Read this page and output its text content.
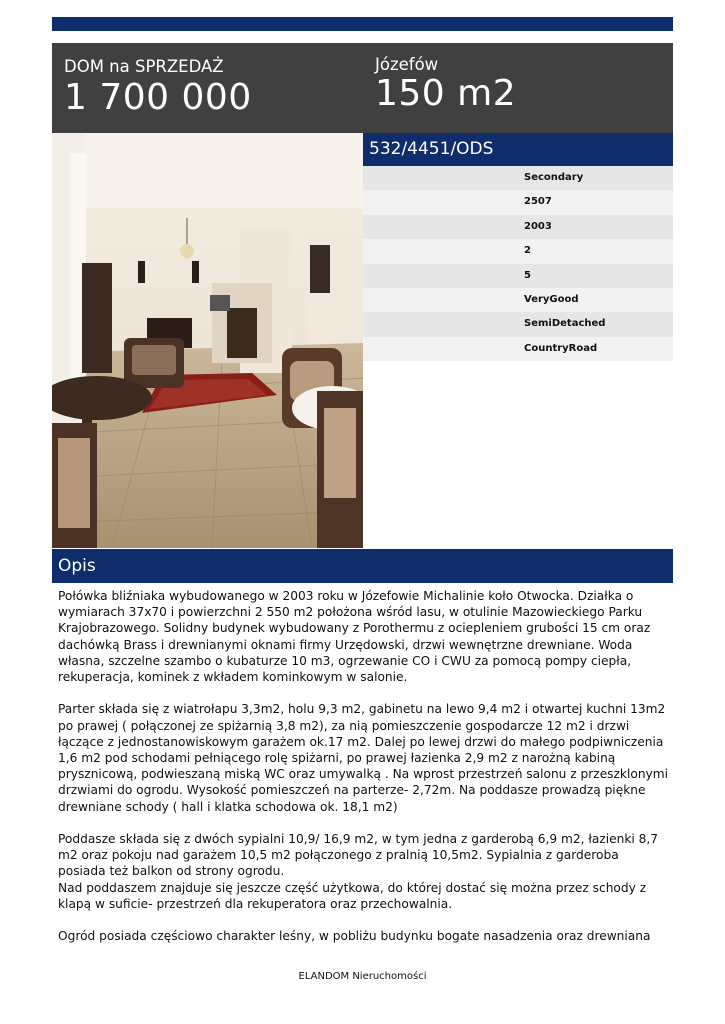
DOM na SPRZEDAŻ
1 700 000
Józefów
150 m2
532/4451/ODS
Secondary
2507
2003
2
5
VeryGood
SemiDetached
CountryRoad
Opis

Połówka bliźniaka wybudowanego w 2003 roku w Józefowie Michalinie koło Otwocka. Działka o wymiarach 37x70 i powierzchni 2 550 m2 położona wśród lasu, w otulinie Mazowieckiego Parku Krajobrazowego. Solidny budynek wybudowany z Porothermu z ociepleniem grubości 15 cm oraz dachówką Brass i drewnianymi oknami firmy Urzędowski, drzwi wewnętrzne drewniane. Woda własna, szczelne szambo o kubaturze 10 m3, ogrzewanie CO i CWU za pomocą pompy ciepła, rekuperacja, kominek z wkładem kominkowym w salonie.

Parter składa się z wiatrołapu 3,3m2, holu 9,3 m2, gabinetu na lewo 9,4 m2 i otwartej kuchni 13m2 po prawej ( połączonej ze spiżarnią 3,8 m2), za nią pomieszczenie gospodarcze 12 m2 i drzwi łączące z jednostanowiskowym garażem ok.17 m2. Dalej po lewej drzwi do małego podpiwniczenia 1,6 m2 pod schodami pełniącego rolę spiżarni, po prawej łazienka 2,9 m2 z narożną kabiną prysznicową, podwieszaną miską WC oraz umywalką . Na wprost przestrzeń salonu z przeszklonymi drzwiami do ogrodu. Wysokość pomieszczeń na parterze- 2,72m. Na poddasze prowadzą piękne drewniane schody ( hall i klatka schodowa ok. 18,1 m2)

Poddasze składa się z dwóch sypialni 10,9/ 16,9 m2, w tym jedna z garderobą 6,9 m2, łazienki 8,7 m2 oraz pokoju nad garażem 10,5 m2 połączonego z pralnią 10,5m2. Sypialnia z garderoba posiada też balkon od strony ogrodu.
Nad poddaszem znajduje się jeszcze część użytkowa, do której dostać się można przez schody z klapą w suficie- przestrzeń dla rekuperatora oraz przechowalnia.

Ogród posiada częściowo charakter leśny, w pobliżu budynku bogate nasadzenia oraz drewniana

ELANDOM Nieruchomości
